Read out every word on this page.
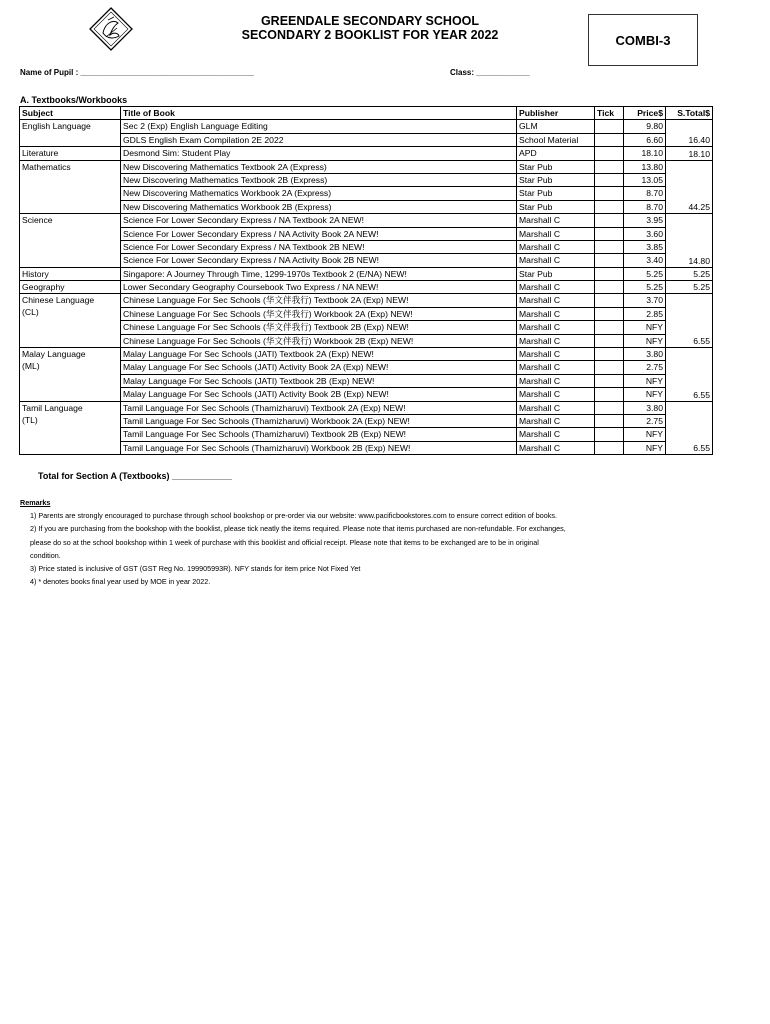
GREENDALE SECONDARY SCHOOL
SECONDARY 2 BOOKLIST FOR YEAR 2022	COMBI-3
Name of Pupil : _______________________________________	Class: ____________
A. Textbooks/Workbooks
Subject	Title of Book	Publisher	Tick	Price$	S.Total$

English Language	Sec 2 (Exp) English Language Editing	GLM		9.80	16.40
	GDLS English Exam Compilation 2E 2022	School Material		6.60	

Literature	Desmond Sim: Student Play	APD		18.10	18.10

Mathematics	New Discovering Mathematics Textbook 2A (Express)	Star Pub		13.80	44.25
	New Discovering Mathematics Textbook 2B (Express)	Star Pub		13.05	
	New Discovering Mathematics Workbook 2A (Express)	Star Pub		8.70	
	New Discovering Mathematics Workbook 2B (Express)	Star Pub		8.70	

Science	Science For Lower Secondary Express / NA Textbook 2A NEW!	Marshall C		3.95	14.80
	Science For Lower Secondary Express / NA Activity Book 2A NEW!	Marshall C		3.60	
	Science For Lower Secondary Express / NA Textbook 2B NEW!	Marshall C		3.85	
	Science For Lower Secondary Express / NA Activity Book 2B NEW!	Marshall C		3.40	

History	Singapore: A Journey Through Time, 1299-1970s Textbook 2 (E/NA) NEW!	Star Pub		5.25	5.25

Geography	Lower Secondary Geography Coursebook Two Express / NA NEW!	Marshall C		5.25	5.25

Chinese Language
(CL)	Chinese Language For Sec Schools (华文伴我行) Textbook 2A (Exp) NEW!	Marshall C		3.70	6.55
	Chinese Language For Sec Schools (华文伴我行) Workbook 2A (Exp) NEW!	Marshall C		2.85	
	Chinese Language For Sec Schools (华文伴我行) Textbook 2B (Exp) NEW!	Marshall C		NFY	
	Chinese Language For Sec Schools (华文伴我行) Workbook 2B (Exp) NEW!	Marshall C		NFY	

Malay Language
(ML)	Malay Language For Sec Schools (JATI) Textbook 2A (Exp) NEW!	Marshall C		3.80	6.55
	Malay Language For Sec Schools (JATI) Activity Book 2A (Exp) NEW!	Marshall C		2.75	
	Malay Language For Sec Schools (JATI) Textbook 2B (Exp) NEW!	Marshall C		NFY	
	Malay Language For Sec Schools (JATI) Activity Book 2B (Exp) NEW!	Marshall C		NFY	

Tamil Language
(TL)	Tamil Language For Sec Schools (Thamizharuvi) Textbook 2A (Exp) NEW!	Marshall C		3.80	6.55
	Tamil Language For Sec Schools (Thamizharuvi) Workbook 2A (Exp) NEW!	Marshall C		2.75	
	Tamil Language For Sec Schools (Thamizharuvi) Textbook 2B (Exp) NEW!	Marshall C		NFY	
	Tamil Language For Sec Schools (Thamizharuvi) Workbook 2B (Exp) NEW!	Marshall C		NFY	
Total for Section A (Textbooks) ____________
Remarks
1) Parents are strongly encouraged to purchase through school bookshop or pre-order via our website: www.pacificbookstores.com to ensure correct edition of books.
2) If you are purchasing from the bookshop with the booklist, please tick neatly the items required. Please note that items purchased are non-refundable. For exchanges,
please do so at the school bookshop within 1 week of purchase with this booklist and official receipt. Please note that items to be exchanged are to be in original
condition.
3) Price stated is inclusive of GST (GST Reg No. 199905993R). NFY stands for item price Not Fixed Yet
4) * denotes books final year used by MOE in year 2022.
